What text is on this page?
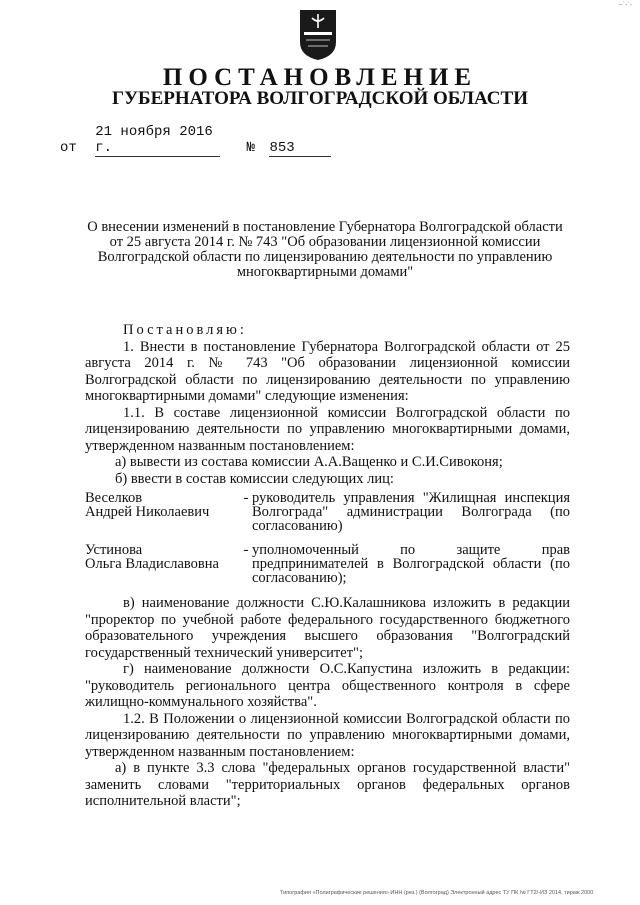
~`-`-
ПОСТАНОВЛЕНИЕ
ГУБЕРНАТОРА ВОЛГОГРАДСКОЙ ОБЛАСТИ
от 21 ноября 2016 г.	№ 853
О внесении изменений в постановление Губернатора Волгоградской области от 25 августа 2014 г. № 743 "Об образовании лицензионной комиссии Волгоградской области по лицензированию деятельности по управлению многоквартирными домами"

Постановляю:

1. Внести в постановление Губернатора Волгоградской области от 25 августа 2014 г. № 743 "Об образовании лицензионной комиссии Волгоградской области по лицензированию деятельности по управлению многоквартирными домами" следующие изменения:

1.1. В составе лицензионной комиссии Волгоградской области по лицензированию деятельности по управлению многоквартирными домами, утвержденном названным постановлением:

а) вывести из состава комиссии А.А.Ващенко и С.И.Сивоконя;

б) ввести в состав комиссии следующих лиц:

Веселков
Андрей Николаевич
- руководитель управления "Жилищная инспекция Волгограда" администрации Волгограда (по согласованию)
Устинова
Ольга Владиславовна
- уполномоченный по защите прав предпринимателей в Волгоградской области (по согласованию);

в) наименование должности С.Ю.Калашникова изложить в редакции "проректор по учебной работе федерального государственного бюджетного образовательного учреждения высшего образования "Волгоградский государственный технический университет";

г) наименование должности О.С.Капустина изложить в редакции: "руководитель регионального центра общественного контроля в сфере жилищно-коммунального хозяйства".

1.2. В Положении о лицензионной комиссии Волгоградской области по лицензированию деятельности по управлению многоквартирными домами, утвержденном названным постановлением:

а) в пункте 3.3 слова "федеральных органов государственной власти" заменить словами "территориальных органов федеральных органов исполнительной власти";

Типография «Полиграфические решения» ИНН (рез.) (Волгоград) Электронный адрес ТУ ПК № ГТ2/-ИЗ 2014, тираж 2000
